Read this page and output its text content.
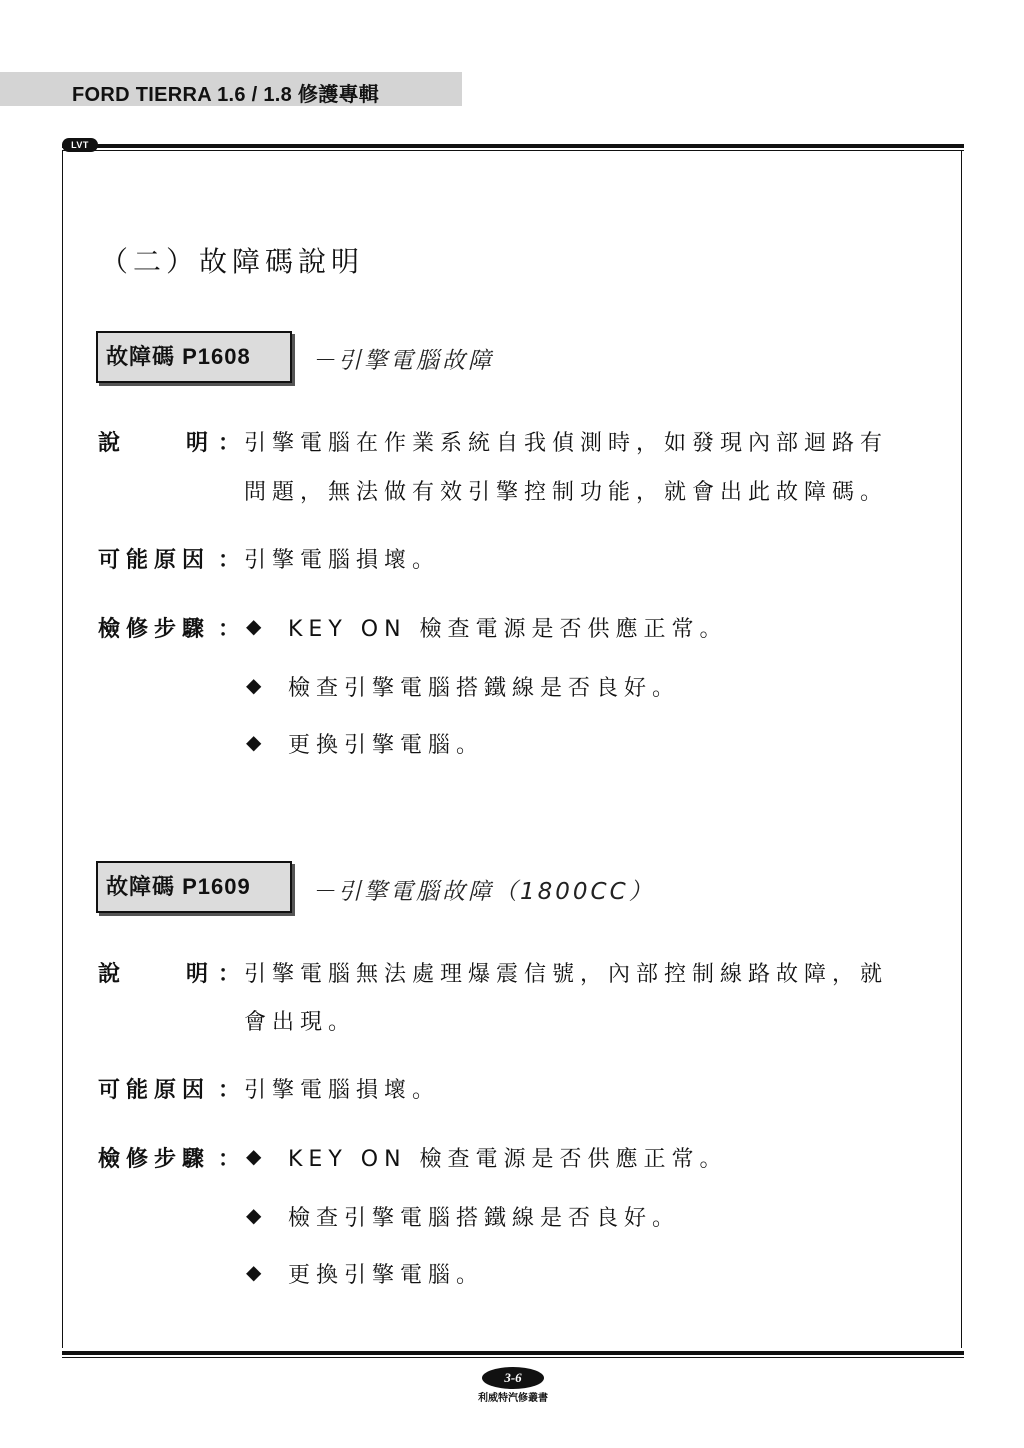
FORD TIERRA 1.6 / 1.8 修護專輯
LVT
（二）故障碼說明
故障碼 P1608	－引擎電腦故障
說	明 ： 引擎電腦在作業系統自我偵測時，如發現內部迴路有
問題，無法做有效引擎控制功能，就會出此故障碼。
可能原因 ： 引擎電腦損壞。
檢修步驟 ： ◆ KEY ON 檢查電源是否供應正常。
◆ 檢查引擎電腦搭鐵線是否良好。
◆ 更換引擎電腦。
故障碼 P1609	－引擎電腦故障（1800CC）
說	明 ： 引擎電腦無法處理爆震信號，內部控制線路故障，就
會出現。
可能原因 ： 引擎電腦損壞。
檢修步驟 ： ◆ KEY ON 檢查電源是否供應正常。
◆ 檢查引擎電腦搭鐵線是否良好。
◆ 更換引擎電腦。
3-6
利威特汽修叢書
